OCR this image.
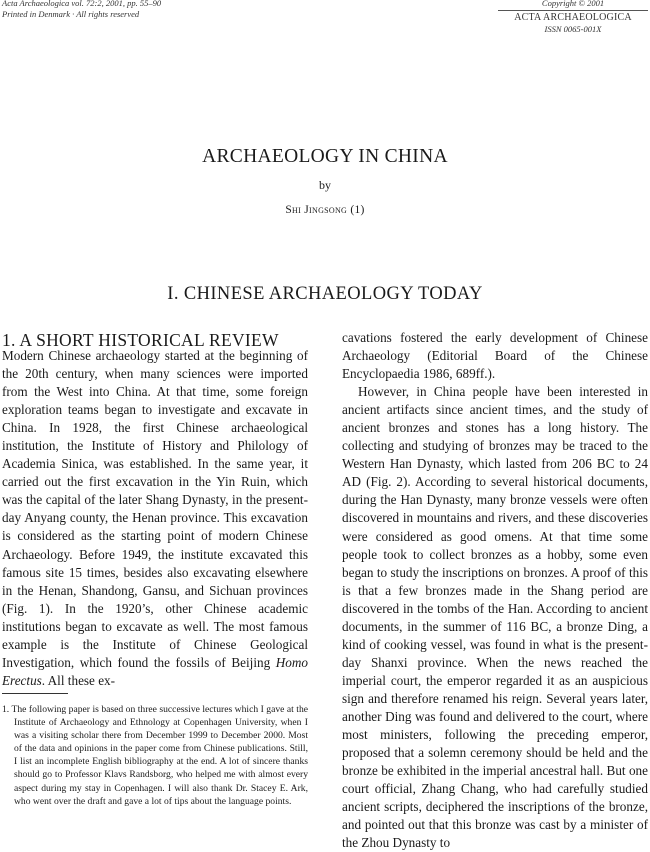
Acta Archaeologica vol. 72:2, 2001, pp. 55–90
Printed in Denmark · All rights reserved
Copyright © 2001
ACTA ARCHAEOLOGICA
ISSN 0065-001X
ARCHAEOLOGY IN CHINA
by
Shi Jingsong (1)
I. CHINESE ARCHAEOLOGY TODAY
1. A SHORT HISTORICAL REVIEW

Modern Chinese archaeology started at the beginning of the 20th century, when many sciences were imported from the West into China. At that time, some foreign exploration teams began to investigate and excavate in China. In 1928, the first Chinese archaeological institution, the Institute of History and Philology of Academia Sinica, was established. In the same year, it carried out the first excavation in the Yin Ruin, which was the capital of the later Shang Dynasty, in the present-day Anyang county, the Henan province. This excavation is considered as the starting point of modern Chinese Archaeology. Before 1949, the institute excavated this famous site 15 times, besides also excavating elsewhere in the Henan, Shandong, Gansu, and Sichuan provinces (Fig. 1). In the 1920’s, other Chinese academic institutions began to excavate as well. The most famous example is the Institute of Chinese Geological Investigation, which found the fossils of Beijing Homo Erectus. All these ex-

1. The following paper is based on three successive lectures which I gave at the Institute of Archaeology and Ethnology at Copenhagen University, when I was a visiting scholar there from December 1999 to December 2000. Most of the data and opinions in the paper come from Chinese publications. Still, I list an incomplete English bibliography at the end. A lot of sincere thanks should go to Professor Klavs Randsborg, who helped me with almost every aspect during my stay in Copenhagen. I will also thank Dr. Stacey E. Ark, who went over the draft and gave a lot of tips about the language points.

cavations fostered the early development of Chinese Archaeology (Editorial Board of the Chinese Encyclopaedia 1986, 689ff.).

However, in China people have been interested in ancient artifacts since ancient times, and the study of ancient bronzes and stones has a long history. The collecting and studying of bronzes may be traced to the Western Han Dynasty, which lasted from 206 BC to 24 AD (Fig. 2). According to several historical documents, during the Han Dynasty, many bronze vessels were often discovered in mountains and rivers, and these discoveries were considered as good omens. At that time some people took to collect bronzes as a hobby, some even began to study the inscriptions on bronzes. A proof of this is that a few bronzes made in the Shang period are discovered in the tombs of the Han. According to ancient documents, in the summer of 116 BC, a bronze Ding, a kind of cooking vessel, was found in what is the present-day Shanxi province. When the news reached the imperial court, the emperor regarded it as an auspicious sign and therefore renamed his reign. Several years later, another Ding was found and delivered to the court, where most ministers, following the preceding emperor, proposed that a solemn ceremony should be held and the bronze be exhibited in the imperial ancestral hall. But one court official, Zhang Chang, who had carefully studied ancient scripts, deciphered the inscriptions of the bronze, and pointed out that this bronze was cast by a minister of the Zhou Dynasty to
